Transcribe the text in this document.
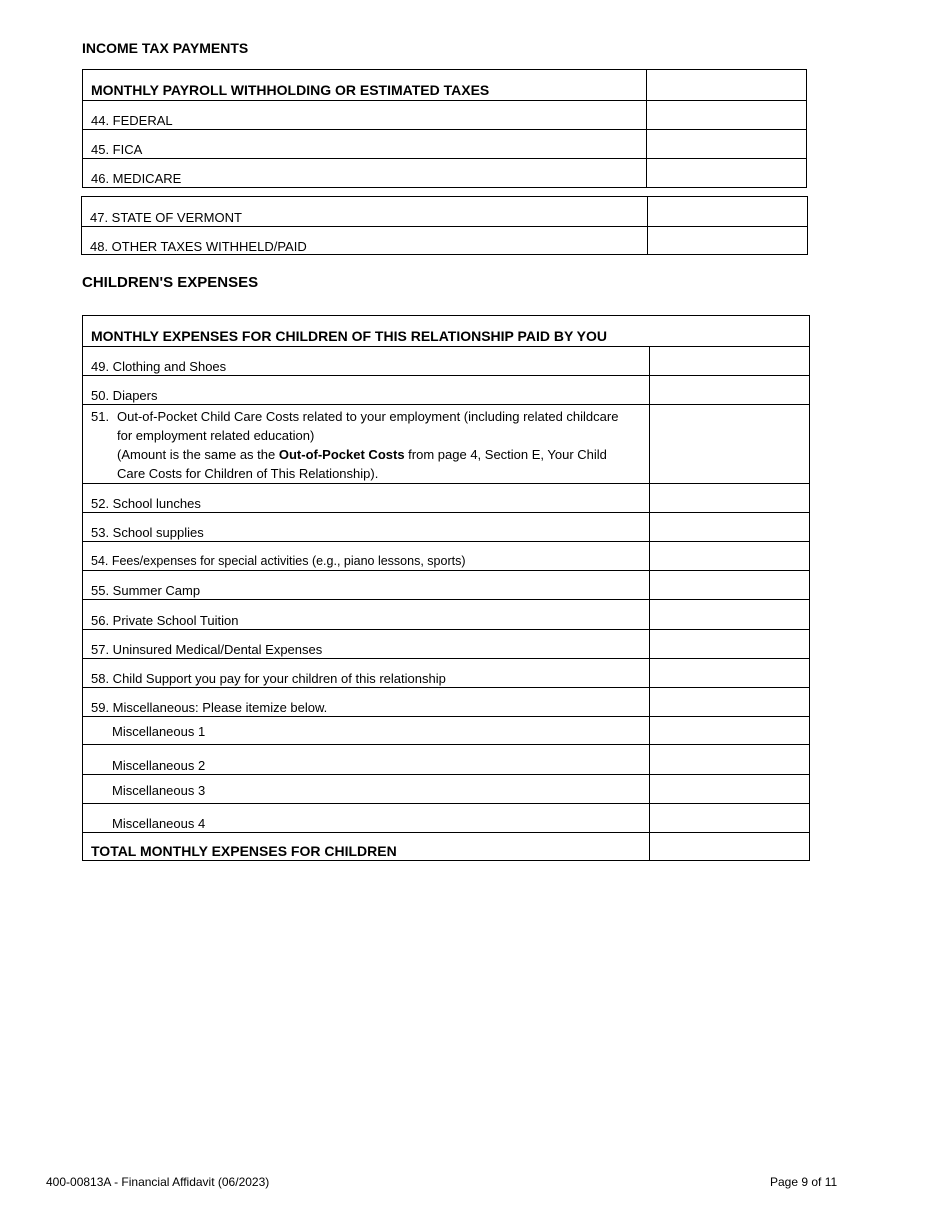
INCOME TAX PAYMENTS
MONTHLY PAYROLL WITHHOLDING OR ESTIMATED TAXES
44. FEDERAL
45. FICA
46. MEDICARE
47. STATE OF VERMONT
48. OTHER TAXES WITHHELD/PAID
CHILDREN'S EXPENSES
MONTHLY EXPENSES FOR CHILDREN OF THIS RELATIONSHIP PAID BY YOU
49. Clothing and Shoes
50. Diapers
51. Out-of-Pocket Child Care Costs related to your employment (including related childcare for employment related education)
(Amount is the same as the Out-of-Pocket Costs from page 4, Section E, Your Child Care Costs for Children of This Relationship).
52. School lunches
53. School supplies
54. Fees/expenses for special activities (e.g., piano lessons, sports)
55. Summer Camp
56. Private School Tuition
57. Uninsured Medical/Dental Expenses
58. Child Support you pay for your children of this relationship
59. Miscellaneous: Please itemize below.
Miscellaneous 1
Miscellaneous 2
Miscellaneous 3
Miscellaneous 4
TOTAL MONTHLY EXPENSES FOR CHILDREN
400-00813A - Financial Affidavit (06/2023)	Page 9 of 11
